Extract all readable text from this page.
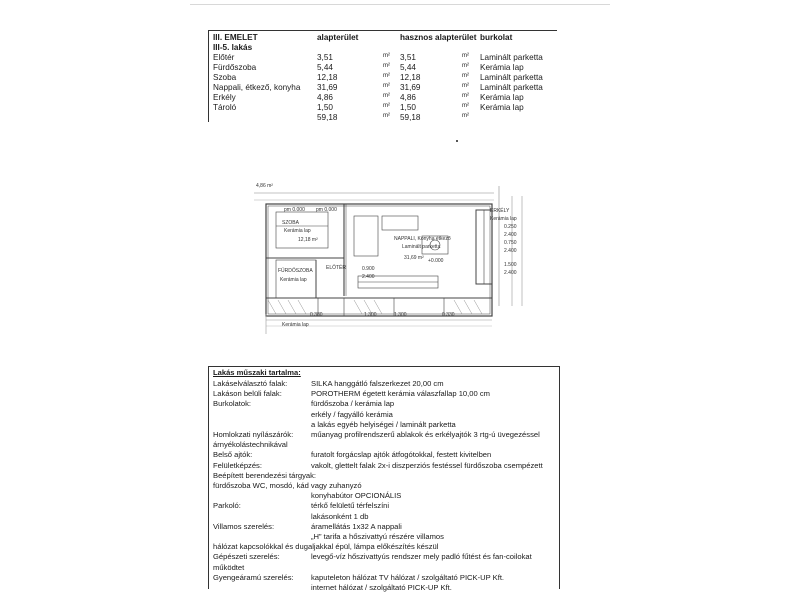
III. EMELET	alapterület	hasznos alapterület burkolat
III-5. lakás
Előtér	3,51	m² 3,51	m² Laminált parketta
Fürdőszoba	5,44	m² 5,44	m² Kerámia lap
Szoba	12,18	m² 12,18	m² Laminált parketta
Nappali, étkező, konyha 31,69	m² 31,69	m² Laminált parketta
Erkély	4,86	m² 4,86	m² Kerámia lap
Tároló	1,50	m² 1,50	m² Kerámia lap
59,18	m² 59,18	m²
4,86 m²
pm 0.000 pm 0.000
SZOBA
Kerámia lap
12,18 m²	NAPPALI, Konyha étkező
Laminált parketta
31,69 m² +0.000
FÜRDŐSZOBA
Kerámia lap
ELŐTÉR	0.900
2.400
ERKÉLY
Kerámia lap
0.380	1.300	1.300	0.330
Kerámia lap
0.250
2.400
0.750
2.400
1.500
2.400
Lakás műszaki tartalma:
Lakáselválasztó falak:	SILKA hanggátló falszerkezet 20,00 cm
Lakáson belüli falak:	POROTHERM égetett kerámia válaszfallap 10,00 cm
Burkolatok:	fürdőszoba / kerámia lap
erkély / fagyálló kerámia
a lakás egyéb helyiségei / laminált parketta
Homlokzati nyílászárók: műanyag profilrendszerű ablakok és erkélyajtók 3 rtg-ú üvegezéssel
árnyékolástechnikával
Belső ajtók:	furatolt forgácslap ajtók átfogótokkal, festett kivitelben
Felületképzés:	vakolt, glettelt falak 2x-i diszperziós festéssel fürdőszoba csempézett
Beépített berendezési tárgyak:
fürdőszoba WC, mosdó, kád vagy zuhanyzó
konyhabútor OPCIONÁLIS
Parkoló:	térkő felületű térfelszíni
lakásonként 1 db
Villamos szerelés:	áramellátás 1x32 A nappali
„H” tarifa a hőszivattyú részére villamos
hálózat kapcsolókkal és dugaljakkal épül, lámpa előkészítés készül
Gépészeti szerelés:	levegő-víz hőszivattyús rendszer mely padló fűtést és fan-coilokat
működtet
Gyengeáramú szerelés: kaputeleton hálózat TV hálózat / szolgáltató PICK-UP Kft.
internet hálózat / szolgáltató PICK-UP Kft.
